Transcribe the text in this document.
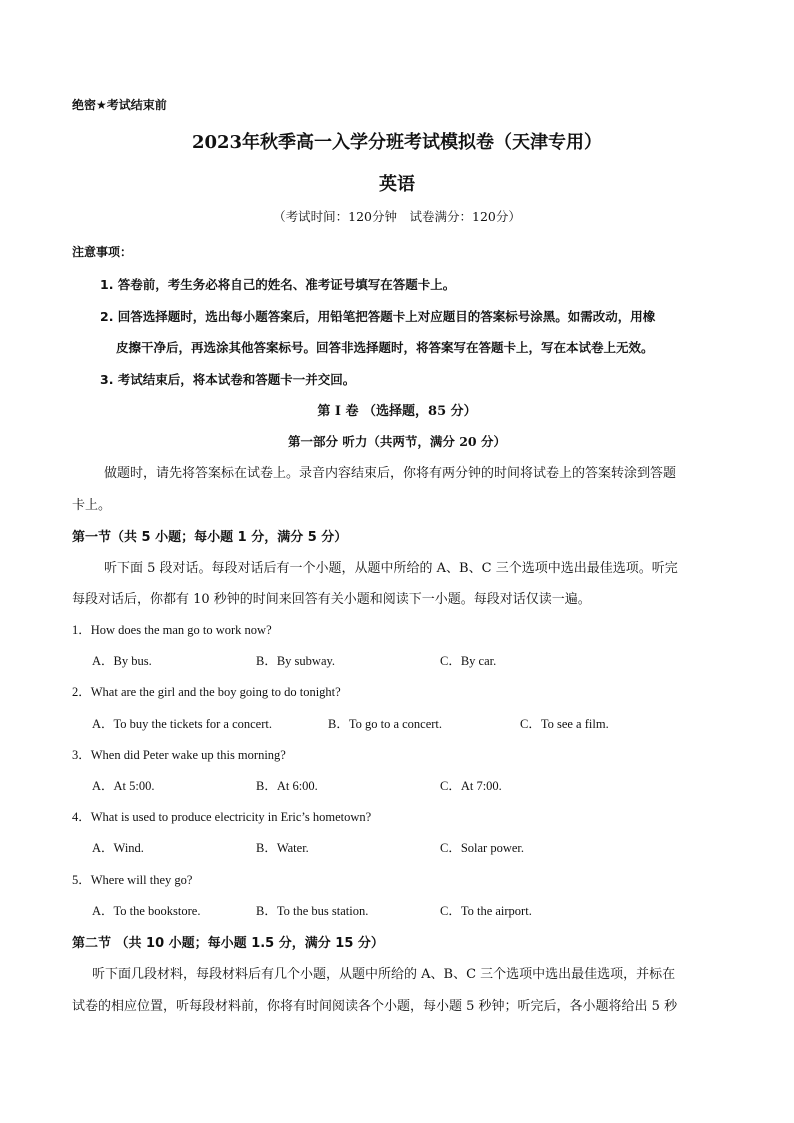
绝密★考试结束前
2023年秋季高一入学分班考试模拟卷（天津专用）
英语
（考试时间：120分钟　试卷满分：120分）
注意事项：
1. 答卷前，考生务必将自己的姓名、准考证号填写在答题卡上。
2. 回答选择题时，选出每小题答案后，用铅笔把答题卡上对应题目的答案标号涂黑。如需改动，用橡
皮擦干净后，再选涂其他答案标号。回答非选择题时，将答案写在答题卡上，写在本试卷上无效。
3. 考试结束后，将本试卷和答题卡一并交回。
第 I 卷 （选择题，85 分）
第一部分 听力（共两节，满分 20 分）
做题时，请先将答案标在试卷上。录音内容结束后，你将有两分钟的时间将试卷上的答案转涂到答题
卡上。
第一节（共 5 小题；每小题 1 分，满分 5 分）
听下面 5 段对话。每段对话后有一个小题，从题中所给的 A、B、C 三个选项中选出最佳选项。听完
每段对话后，你都有 10 秒钟的时间来回答有关小题和阅读下一小题。每段对话仅读一遍。
1．How does the man go to work now?
A．By bus.	B．By subway.	C．By car.
2．What are the girl and the boy going to do tonight?
A．To buy the tickets for a concert.	B．To go to a concert.	C．To see a film.
3．When did Peter wake up this morning?
A．At 5:00.	B．At 6:00.	C．At 7:00.
4．What is used to produce electricity in Eric’s hometown?
A．Wind.	B．Water.	C．Solar power.
5．Where will they go?
A．To the bookstore.	B．To the bus station.	C．To the airport.
第二节 （共 10 小题；每小题 1.5 分，满分 15 分）
听下面几段材料，每段材料后有几个小题，从题中所给的 A、B、C 三个选项中选出最佳选项，并标在
试卷的相应位置，听每段材料前，你将有时间阅读各个小题，每小题 5 秒钟；听完后，各小题将给出 5 秒
